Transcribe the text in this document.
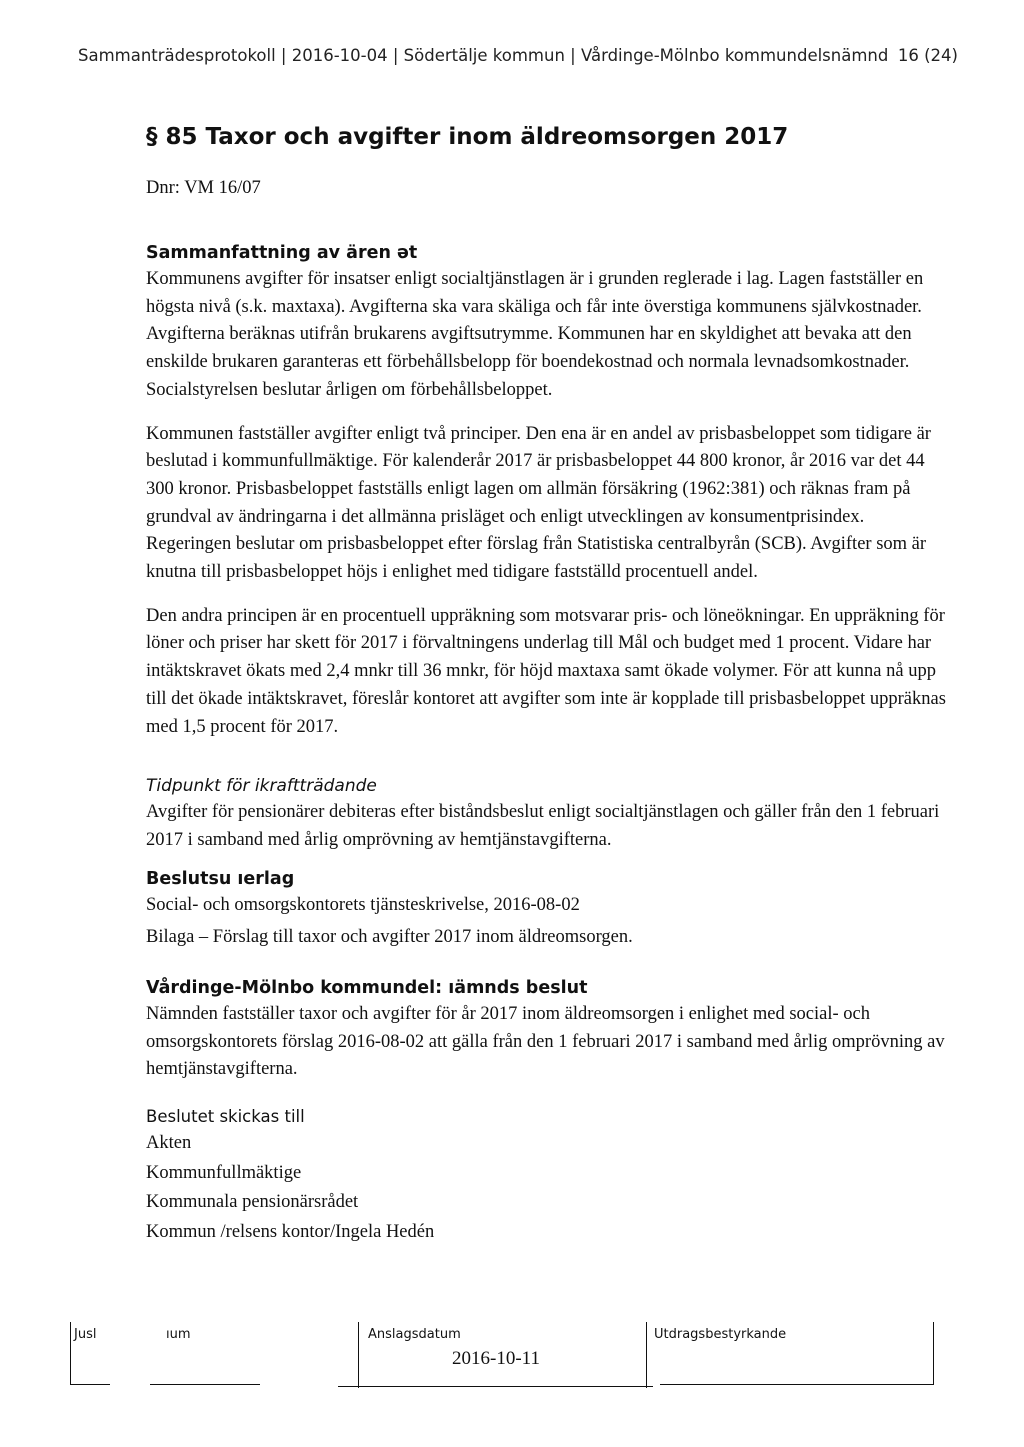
Sammanträdesprotokoll | 2016-10-04 | Södertälje kommun | Vårdinge-Mölnbo kommundelsnämnd 16 (24)
§ 85 Taxor och avgifter inom äldreomsorgen 2017
Dnr: VM 16/07
Sammanfattning av ären ət

Kommunens avgifter för insatser enligt socialtjänstlagen är i grunden reglerade i lag. Lagen fastställer en högsta nivå (s.k. maxtaxa). Avgifterna ska vara skäliga och får inte överstiga kommunens självkostnader. Avgifterna beräknas utifrån brukarens avgiftsutrymme. Kommunen har en skyldighet att bevaka att den enskilde brukaren garanteras ett förbehållsbelopp för boendekostnad och normala levnadsomkostnader. Socialstyrelsen beslutar årligen om förbehållsbeloppet.

Kommunen fastställer avgifter enligt två principer. Den ena är en andel av prisbasbeloppet som tidigare är beslutad i kommunfullmäktige. För kalenderår 2017 är prisbasbeloppet 44 800 kronor, år 2016 var det 44 300 kronor. Prisbasbeloppet fastställs enligt lagen om allmän försäkring (1962:381) och räknas fram på grundval av ändringarna i det allmänna prisläget och enligt utvecklingen av konsumentprisindex. Regeringen beslutar om prisbasbeloppet efter förslag från Statistiska centralbyrån (SCB). Avgifter som är knutna till prisbasbeloppet höjs i enlighet med tidigare fastställd procentuell andel.

Den andra principen är en procentuell uppräkning som motsvarar pris- och löneökningar. En uppräkning för löner och priser har skett för 2017 i förvaltningens underlag till Mål och budget med 1 procent. Vidare har intäktskravet ökats med 2,4 mnkr till 36 mnkr, för höjd maxtaxa samt ökade volymer. För att kunna nå upp till det ökade intäktskravet, föreslår kontoret att avgifter som inte är kopplade till prisbasbeloppet uppräknas med 1,5 procent för 2017.

Tidpunkt för ikraftträdande

Avgifter för pensionärer debiteras efter biståndsbeslut enligt socialtjänstlagen och gäller från den 1 februari 2017 i samband med årlig omprövning av hemtjänstavgifterna.

Beslutsu ıerlag
Social- och omsorgskontorets tjänsteskrivelse, 2016-08-02
Bilaga – Förslag till taxor och avgifter 2017 inom äldreomsorgen.
Vårdinge-Mölnbo kommundel: ıämnds beslut

Nämnden fastställer taxor och avgifter för år 2017 inom äldreomsorgen i enlighet med social- och omsorgskontorets förslag 2016-08-02 att gälla från den 1 februari 2017 i samband med årlig omprövning av hemtjänstavgifterna.

Beslutet skickas till
Akten
Kommunfullmäktige
Kommunala pensionärsrådet
Kommun /relsens kontor/Ingela Hedén
Jusl	ıum	Anslagsdatum
2016-10-11
Utdragsbestyrkande
